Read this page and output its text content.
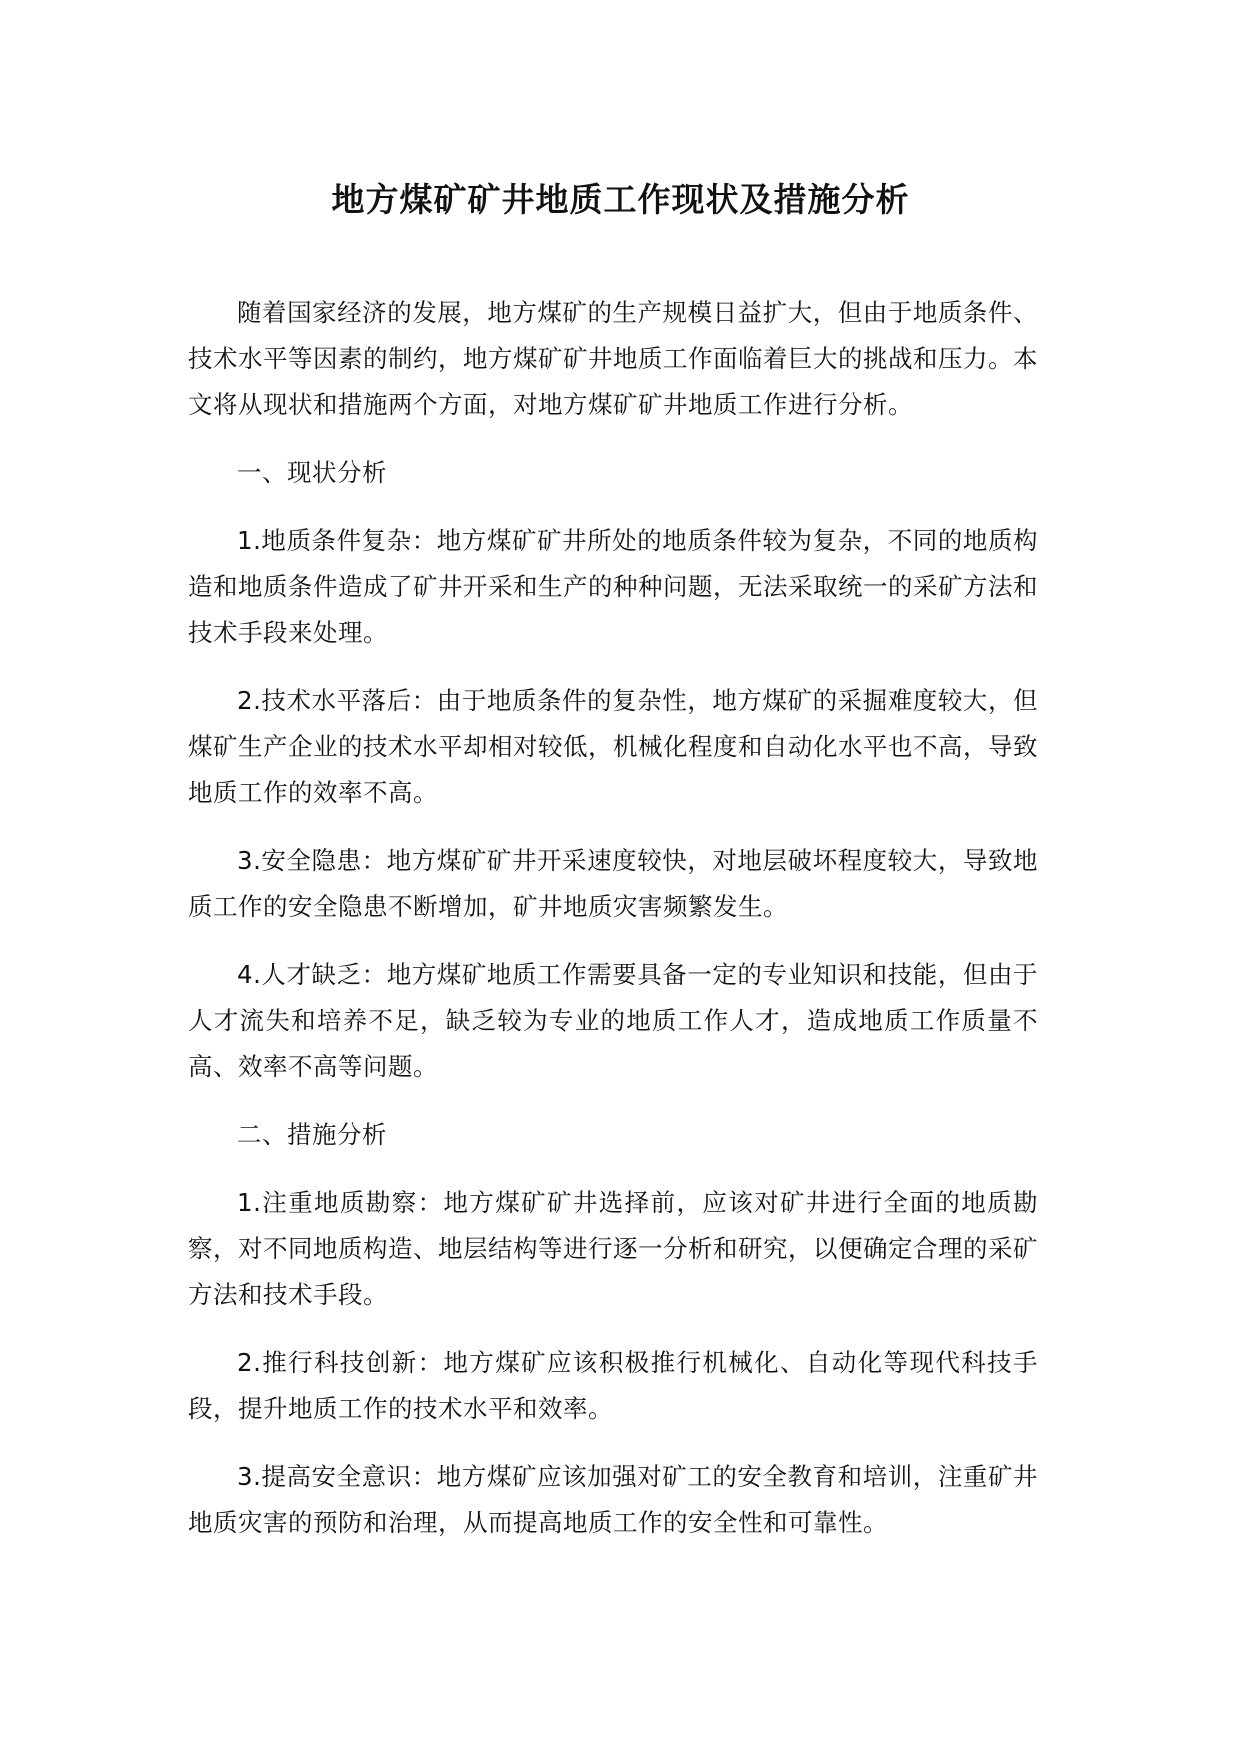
地方煤矿矿井地质工作现状及措施分析

随着国家经济的发展，地方煤矿的生产规模日益扩大，但由于地质条件、技术水平等因素的制约，地方煤矿矿井地质工作面临着巨大的挑战和压力。本文将从现状和措施两个方面，对地方煤矿矿井地质工作进行分析。

一、现状分析

1.地质条件复杂：地方煤矿矿井所处的地质条件较为复杂，不同的地质构造和地质条件造成了矿井开采和生产的种种问题，无法采取统一的采矿方法和技术手段来处理。

2.技术水平落后：由于地质条件的复杂性，地方煤矿的采掘难度较大，但煤矿生产企业的技术水平却相对较低，机械化程度和自动化水平也不高，导致地质工作的效率不高。

3.安全隐患：地方煤矿矿井开采速度较快，对地层破坏程度较大，导致地质工作的安全隐患不断增加，矿井地质灾害频繁发生。

4.人才缺乏：地方煤矿地质工作需要具备一定的专业知识和技能，但由于人才流失和培养不足，缺乏较为专业的地质工作人才，造成地质工作质量不高、效率不高等问题。

二、措施分析

1.注重地质勘察：地方煤矿矿井选择前，应该对矿井进行全面的地质勘察，对不同地质构造、地层结构等进行逐一分析和研究，以便确定合理的采矿方法和技术手段。

2.推行科技创新：地方煤矿应该积极推行机械化、自动化等现代科技手段，提升地质工作的技术水平和效率。

3.提高安全意识：地方煤矿应该加强对矿工的安全教育和培训，注重矿井地质灾害的预防和治理，从而提高地质工作的安全性和可靠性。
